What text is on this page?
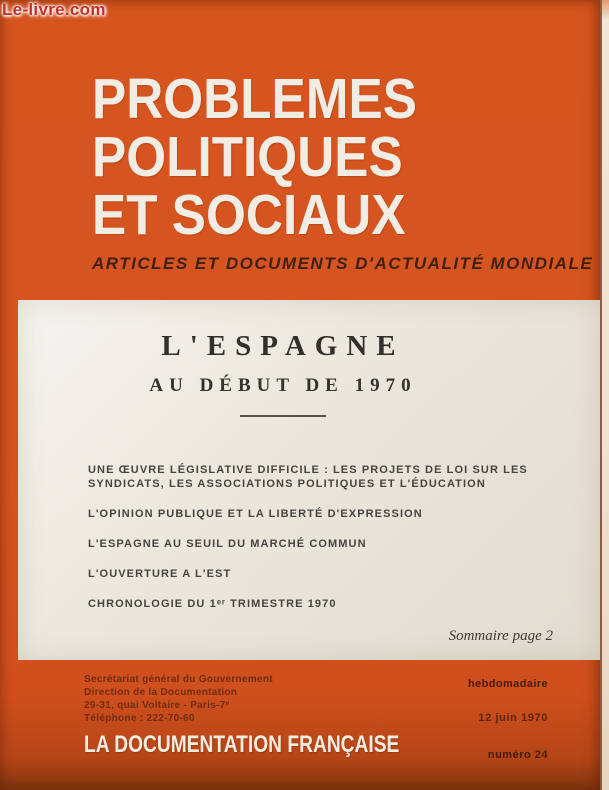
PROBLEMES
POLITIQUES
ET SOCIAUX
ARTICLES ET DOCUMENTS D'ACTUALITÉ MONDIALE
L'ESPAGNE
AU DÉBUT DE 1970
UNE ŒUVRE LÉGISLATIVE DIFFICILE : LES PROJETS DE LOI SUR LES SYNDICATS, LES ASSOCIATIONS POLITIQUES ET L'ÉDUCATION
L'OPINION PUBLIQUE ET LA LIBERTÉ D'EXPRESSION
L'ESPAGNE AU SEUIL DU MARCHÉ COMMUN
L'OUVERTURE A L'EST
CHRONOLOGIE DU 1ᵉʳ TRIMESTRE 1970
Sommaire page 2
Secrétariat général du Gouvernement
Direction de la Documentation
29-31, quai Voltaire - Paris-7ᵉ
Téléphone : 222-70-60
LA DOCUMENTATION FRANÇAISE
hebdomadaire
12 juin 1970
numéro 24
Le-livre.com
